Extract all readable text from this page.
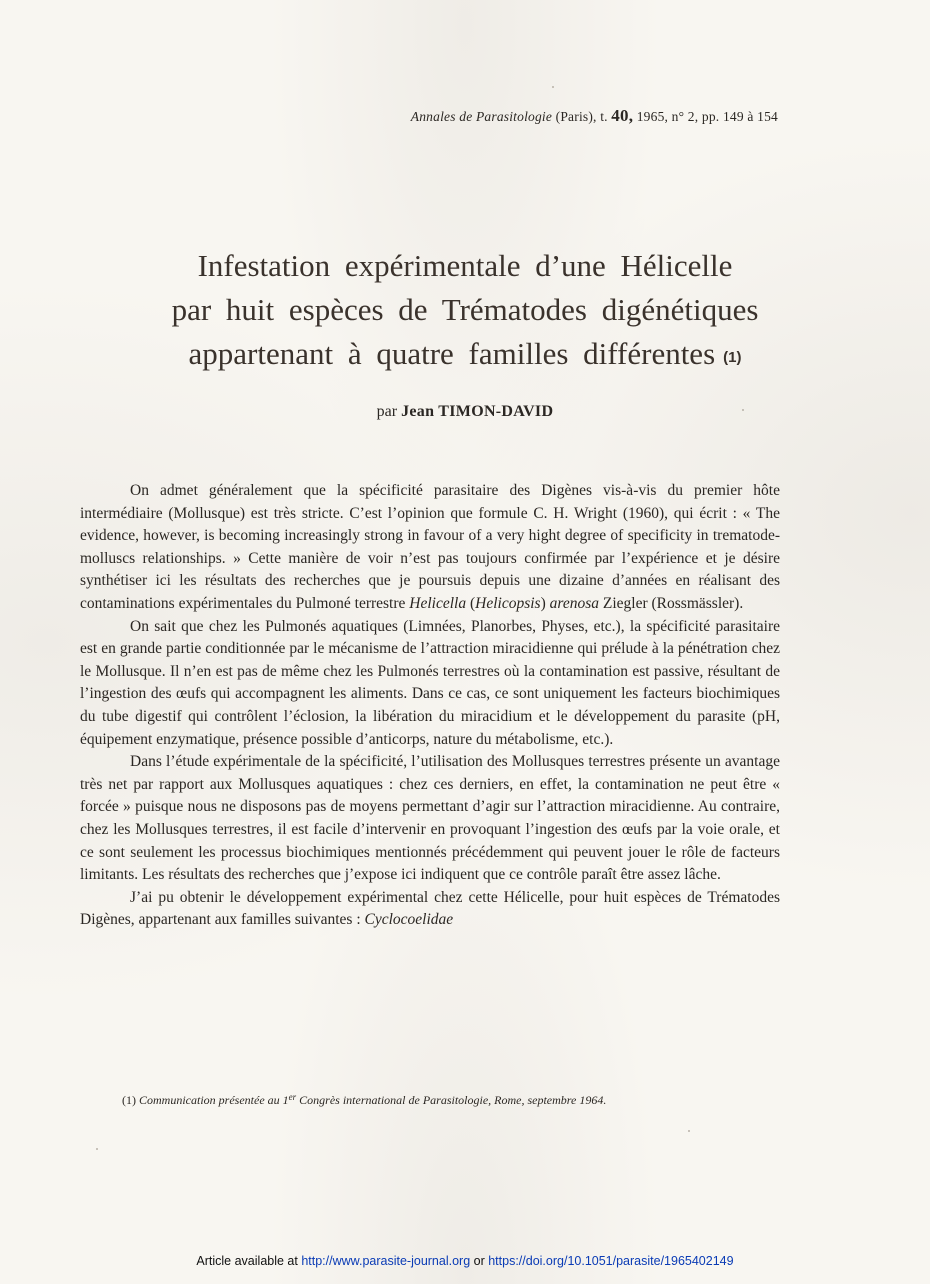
Annales de Parasitologie (Paris), t. 40, 1965, n° 2, pp. 149 à 154
Infestation expérimentale d’une Hélicelle
par huit espèces de Trématodes digénétiques
appartenant à quatre familles différentes (1)
par Jean TIMON-DAVID

On admet généralement que la spécificité parasitaire des Digènes vis-à-vis du premier hôte intermédiaire (Mollusque) est très stricte. C’est l’opinion que formule C. H. Wright (1960), qui écrit : « The evidence, however, is becoming increasingly strong in favour of a very hight degree of specificity in trematode-molluscs relationships. » Cette manière de voir n’est pas toujours confirmée par l’expérience et je désire synthétiser ici les résultats des recherches que je poursuis depuis une dizaine d’années en réalisant des contaminations expérimentales du Pulmoné terrestre Helicella (Helicopsis) arenosa Ziegler (Rossmässler).

On sait que chez les Pulmonés aquatiques (Limnées, Planorbes, Physes, etc.), la spécificité parasitaire est en grande partie conditionnée par le mécanisme de l’attraction miracidienne qui prélude à la pénétration chez le Mollusque. Il n’en est pas de même chez les Pulmonés terrestres où la contamination est passive, résultant de l’ingestion des œufs qui accompagnent les aliments. Dans ce cas, ce sont uniquement les facteurs biochimiques du tube digestif qui contrôlent l’éclosion, la libération du miracidium et le développement du parasite (pH, équipement enzymatique, présence possible d’anticorps, nature du métabolisme, etc.).

Dans l’étude expérimentale de la spécificité, l’utilisation des Mollusques terrestres présente un avantage très net par rapport aux Mollusques aquatiques : chez ces derniers, en effet, la contamination ne peut être « forcée » puisque nous ne disposons pas de moyens permettant d’agir sur l’attraction miracidienne. Au contraire, chez les Mollusques terrestres, il est facile d’intervenir en provoquant l’ingestion des œufs par la voie orale, et ce sont seulement les processus biochimiques mentionnés précédemment qui peuvent jouer le rôle de facteurs limitants. Les résultats des recherches que j’expose ici indiquent que ce contrôle paraît être assez lâche.

J’ai pu obtenir le développement expérimental chez cette Hélicelle, pour huit espèces de Trématodes Digènes, appartenant aux familles suivantes : Cyclocoelidae

(1) Communication présentée au 1er Congrès international de Parasitologie, Rome, septembre 1964.

Article available at http://www.parasite-journal.org or https://doi.org/10.1051/parasite/1965402149
